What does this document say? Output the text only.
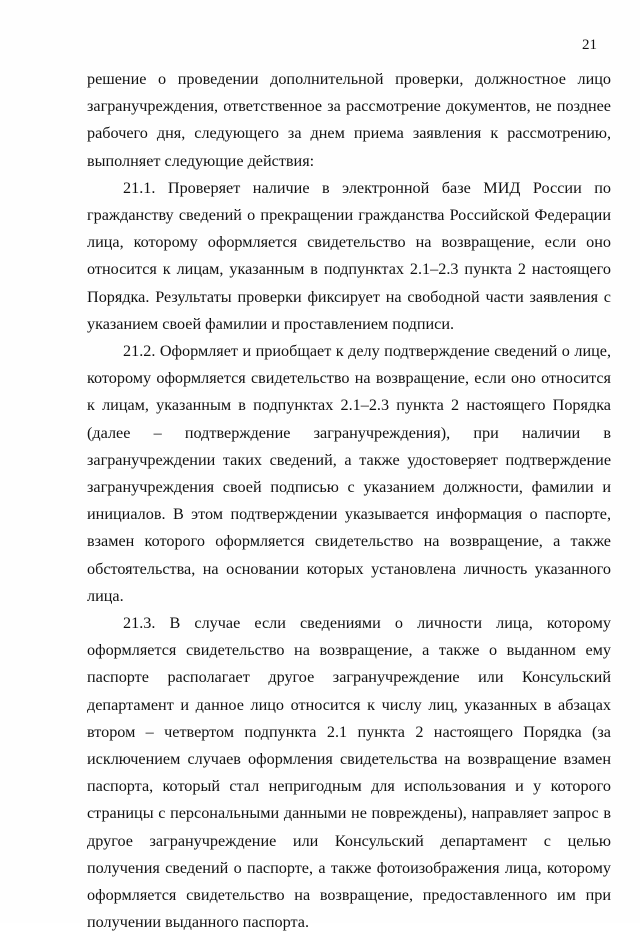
21

решение о проведении дополнительной проверки, должностное лицо загранучреждения, ответственное за рассмотрение документов, не позднее рабочего дня, следующего за днем приема заявления к рассмотрению, выполняет следующие действия:

21.1. Проверяет наличие в электронной базе МИД России по гражданству сведений о прекращении гражданства Российской Федерации лица, которому оформляется свидетельство на возвращение, если оно относится к лицам, указанным в подпунктах 2.1–2.3 пункта 2 настоящего Порядка. Результаты проверки фиксирует на свободной части заявления с указанием своей фамилии и проставлением подписи.

21.2. Оформляет и приобщает к делу подтверждение сведений о лице, которому оформляется свидетельство на возвращение, если оно относится к лицам, указанным в подпунктах 2.1–2.3 пункта 2 настоящего Порядка (далее – подтверждение загранучреждения), при наличии в загранучреждении таких сведений, а также удостоверяет подтверждение загранучреждения своей подписью с указанием должности, фамилии и инициалов. В этом подтверждении указывается информация о паспорте, взамен которого оформляется свидетельство на возвращение, а также обстоятельства, на основании которых установлена личность указанного лица.

21.3. В случае если сведениями о личности лица, которому оформляется свидетельство на возвращение, а также о выданном ему паспорте располагает другое загранучреждение или Консульский департамент и данное лицо относится к числу лиц, указанных в абзацах втором – четвертом подпункта 2.1 пункта 2 настоящего Порядка (за исключением случаев оформления свидетельства на возвращение взамен паспорта, который стал непригодным для использования и у которого страницы с персональными данными не повреждены), направляет запрос в другое загранучреждение или Консульский департамент с целью получения сведений о паспорте, а также фотоизображения лица, которому оформляется свидетельство на возвращение, предоставленного им при получении выданного паспорта.
